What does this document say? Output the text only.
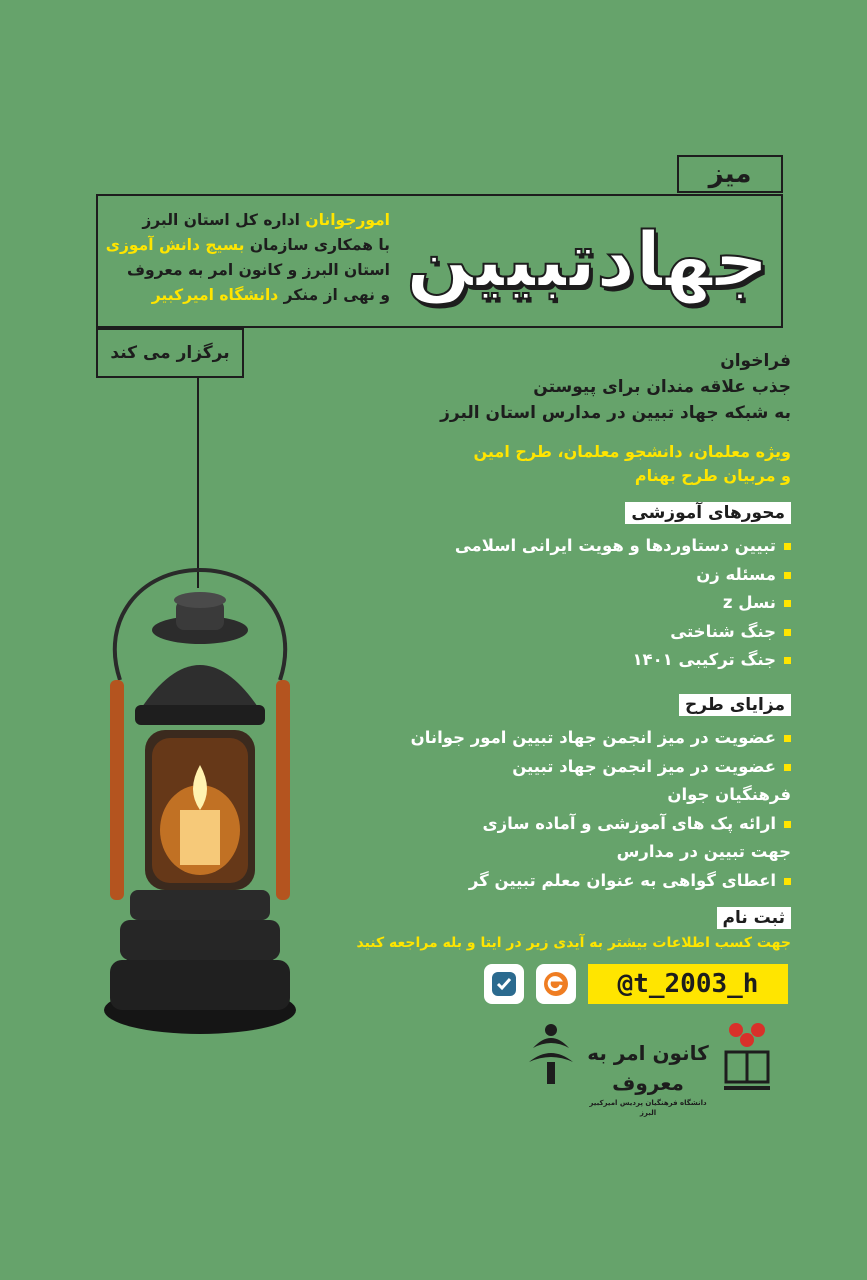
میز
جهادتبیین
امورجوانان اداره کل استان البرز
با همکاری سازمان بسیج دانش آموزی
استان البرز و کانون امر به معروف
و نهی از منکر دانشگاه امیرکبیر
برگزار می کند	فراخوان
جذب علاقه مندان برای پیوستن
به شبکه جهاد تبیین در مدارس استان البرز
ویژه معلمان، دانشجو معلمان، طرح امین
و مربیان طرح بهنام
محورهای آموزشی
تبیین دستاوردها و هویت ایرانی اسلامی
مسئله زن
نسل z
جنگ شناختی
جنگ ترکیبی ۱۴۰۱
مزایای طرح
عضویت در میز انجمن جهاد تبیین امور جوانان
عضویت در میز انجمن جهاد تبیین
فرهنگیان جوان
ارائه پک های آموزشی و آماده سازی
جهت تبیین در مدارس
اعطای گواهی به عنوان معلم تبیین گر
ثبت نام
جهت کسب اطلاعات بیشتر به آیدی زیر در ایتا و بله مراجعه کنید
@t_2003_h
کانون امر به معروف
دانشگاه فرهنگیان پردیس امیرکبیر البرز
